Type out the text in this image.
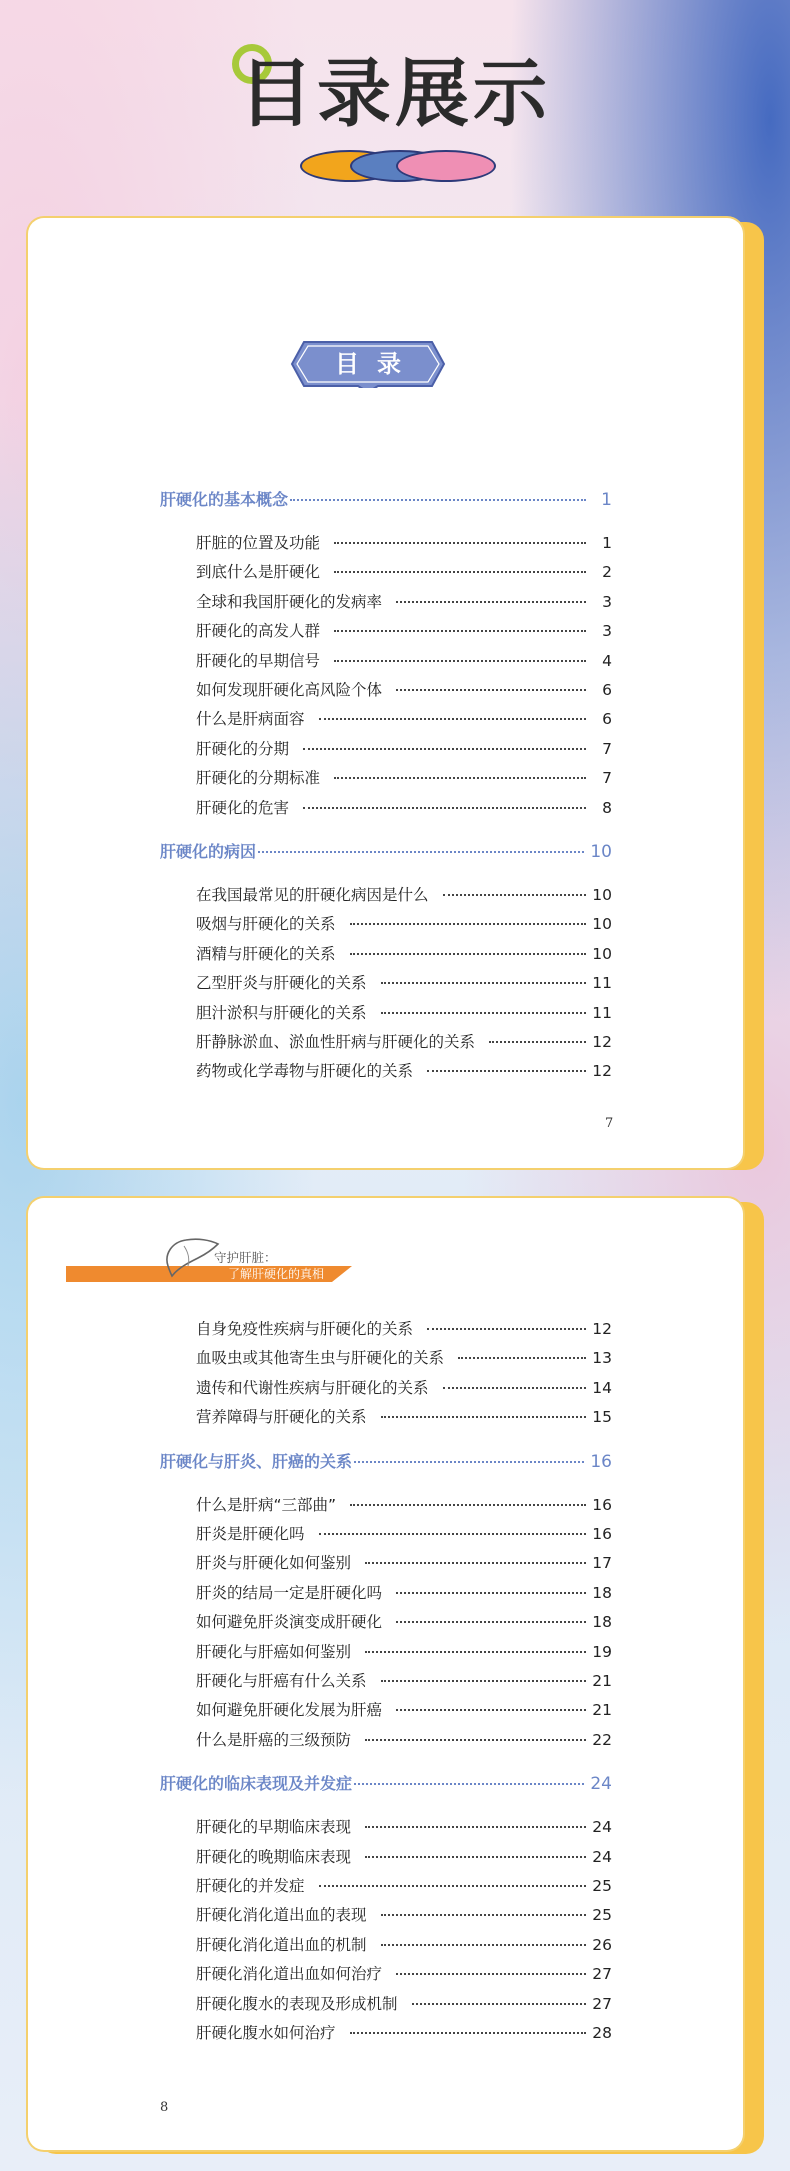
目录展示
目录
肝硬化的基本概念	1
肝脏的位置及功能	1
到底什么是肝硬化	2
全球和我国肝硬化的发病率	3
肝硬化的高发人群	3
肝硬化的早期信号	4
如何发现肝硬化高风险个体	6
什么是肝病面容	6
肝硬化的分期	7
肝硬化的分期标准	7
肝硬化的危害	8
肝硬化的病因	10
在我国最常见的肝硬化病因是什么	10
吸烟与肝硬化的关系	10
酒精与肝硬化的关系	10
乙型肝炎与肝硬化的关系	11
胆汁淤积与肝硬化的关系	11
肝静脉淤血、淤血性肝病与肝硬化的关系	12
药物或化学毒物与肝硬化的关系	12
7
守护肝脏：
了解肝硬化的真相
自身免疫性疾病与肝硬化的关系	12
血吸虫或其他寄生虫与肝硬化的关系	13
遗传和代谢性疾病与肝硬化的关系	14
营养障碍与肝硬化的关系	15
肝硬化与肝炎、肝癌的关系	16
什么是肝病“三部曲”	16
肝炎是肝硬化吗	16
肝炎与肝硬化如何鉴别	17
肝炎的结局一定是肝硬化吗	18
如何避免肝炎演变成肝硬化	18
肝硬化与肝癌如何鉴别	19
肝硬化与肝癌有什么关系	21
如何避免肝硬化发展为肝癌	21
什么是肝癌的三级预防	22
肝硬化的临床表现及并发症	24
肝硬化的早期临床表现	24
肝硬化的晚期临床表现	24
肝硬化的并发症	25
肝硬化消化道出血的表现	25
肝硬化消化道出血的机制	26
肝硬化消化道出血如何治疗	27
肝硬化腹水的表现及形成机制	27
肝硬化腹水如何治疗	28
8
